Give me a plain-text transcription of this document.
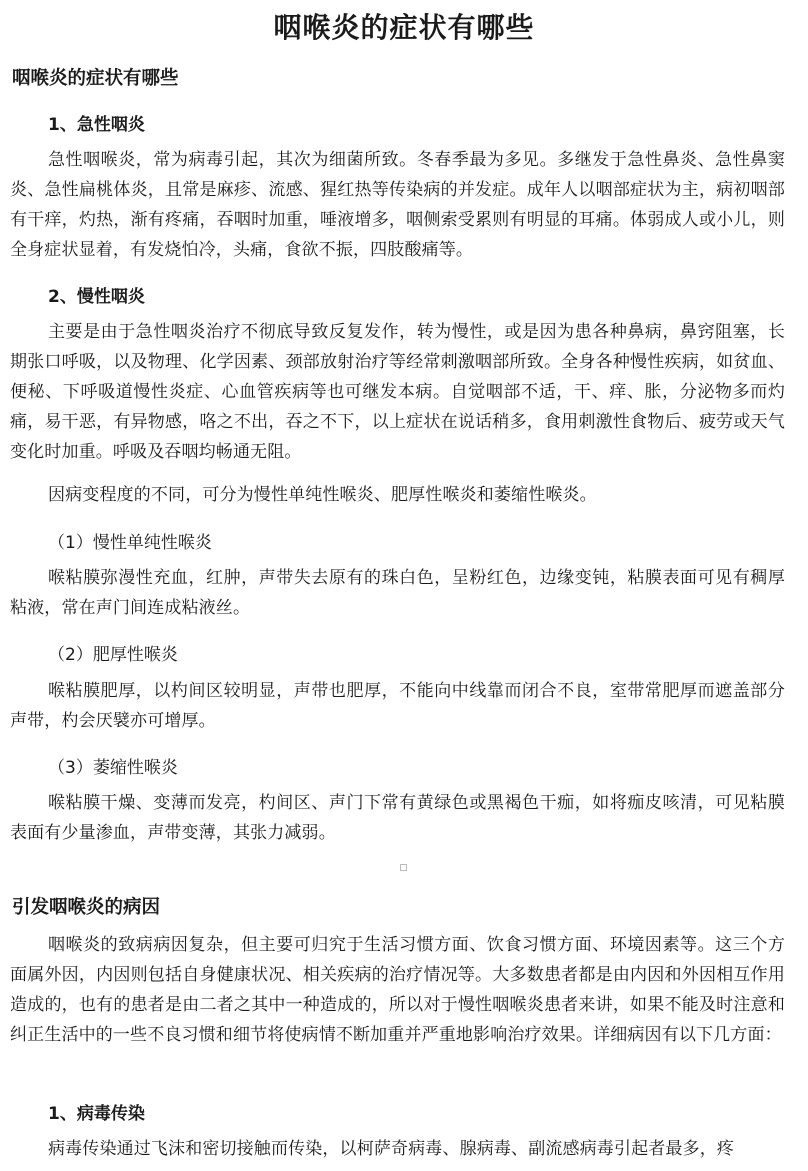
咽喉炎的症状有哪些
咽喉炎的症状有哪些
1、急性咽炎
急性咽喉炎，常为病毒引起，其次为细菌所致。冬春季最为多见。多继发于急性鼻炎、急性鼻窦炎、急性扁桃体炎，且常是麻疹、流感、猩红热等传染病的并发症。成年人以咽部症状为主，病初咽部有干痒，灼热，渐有疼痛，吞咽时加重，唾液增多，咽侧索受累则有明显的耳痛。体弱成人或小儿，则全身症状显着，有发烧怕冷，头痛，食欲不振，四肢酸痛等。
2、慢性咽炎
主要是由于急性咽炎治疗不彻底导致反复发作，转为慢性，或是因为患各种鼻病，鼻窍阻塞，长期张口呼吸，以及物理、化学因素、颈部放射治疗等经常刺激咽部所致。全身各种慢性疾病，如贫血、便秘、下呼吸道慢性炎症、心血管疾病等也可继发本病。自觉咽部不适，干、痒、胀，分泌物多而灼痛，易干恶，有异物感，咯之不出，吞之不下，以上症状在说话稍多，食用刺激性食物后、疲劳或天气变化时加重。呼吸及吞咽均畅通无阻。
因病变程度的不同，可分为慢性单纯性喉炎、肥厚性喉炎和萎缩性喉炎。
（1）慢性单纯性喉炎
喉粘膜弥漫性充血，红肿，声带失去原有的珠白色，呈粉红色，边缘变钝，粘膜表面可见有稠厚粘液，常在声门间连成粘液丝。
（2）肥厚性喉炎
喉粘膜肥厚，以杓间区较明显，声带也肥厚，不能向中线靠而闭合不良，室带常肥厚而遮盖部分声带，杓会厌襞亦可增厚。
（3）萎缩性喉炎
喉粘膜干燥、变薄而发亮，杓间区、声门下常有黄绿色或黑褐色干痂，如将痂皮咳清，可见粘膜表面有少量渗血，声带变薄，其张力减弱。
引发咽喉炎的病因
咽喉炎的致病病因复杂，但主要可归究于生活习惯方面、饮食习惯方面、环境因素等。这三个方面属外因，内因则包括自身健康状况、相关疾病的治疗情况等。大多数患者都是由内因和外因相互作用造成的，也有的患者是由二者之其中一种造成的，所以对于慢性咽喉炎患者来讲，如果不能及时注意和纠正生活中的一些不良习惯和细节将使病情不断加重并严重地影响治疗效果。详细病因有以下几方面：
1、病毒传染
病毒传染通过飞沫和密切接触而传染，以柯萨奇病毒、腺病毒、副流感病毒引起者最多，疼
